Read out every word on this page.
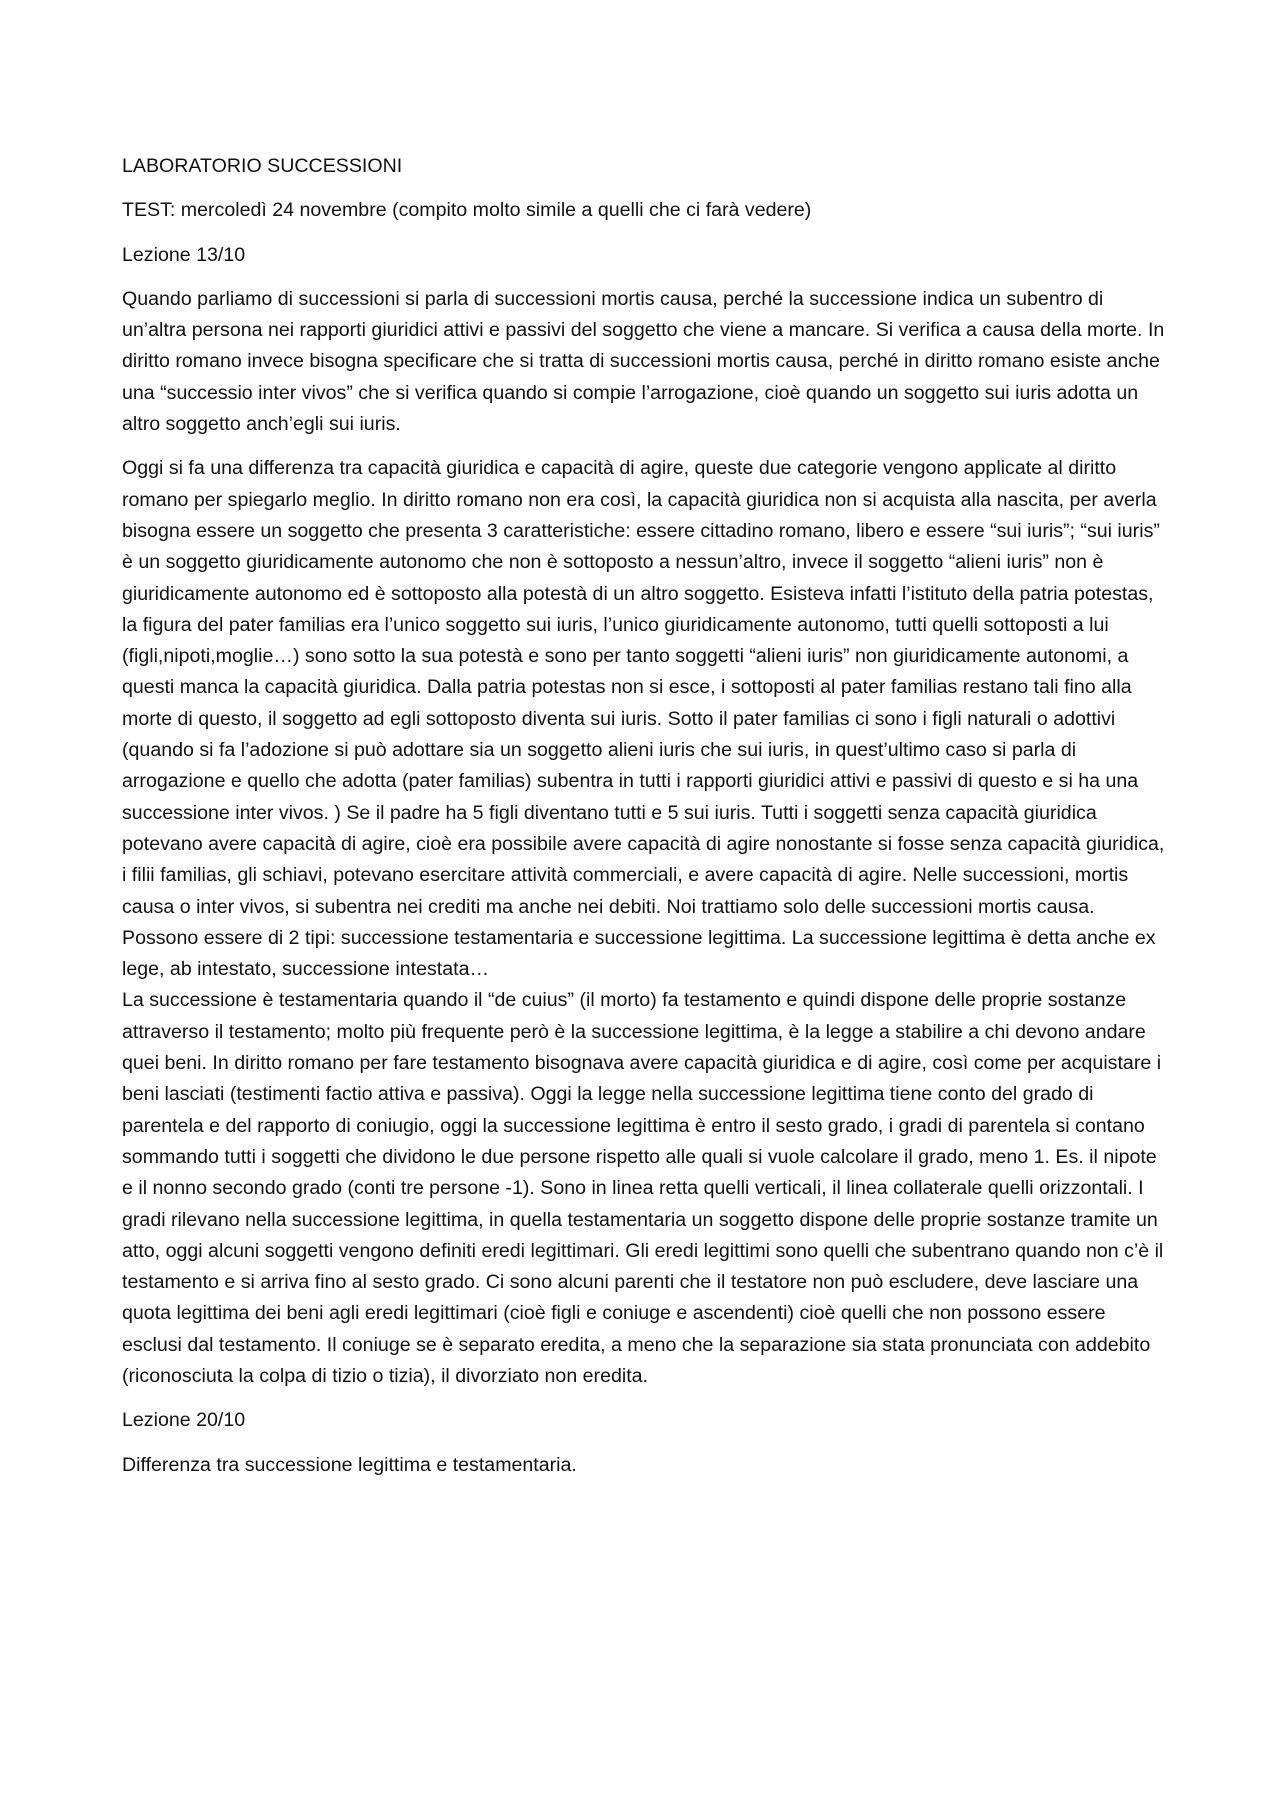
LABORATORIO SUCCESSIONI

TEST: mercoledì 24 novembre (compito molto simile a quelli che ci farà vedere)

Lezione 13/10

Quando parliamo di successioni si parla di successioni mortis causa, perché la successione indica un subentro di un’altra persona nei rapporti giuridici attivi e passivi del soggetto che viene a mancare. Si verifica a causa della morte. In diritto romano invece bisogna specificare che si tratta di successioni mortis causa, perché in diritto romano esiste anche una “successio inter vivos” che si verifica quando si compie l’arrogazione, cioè quando un soggetto sui iuris adotta un altro soggetto anch’egli sui iuris.

Oggi si fa una differenza tra capacità giuridica e capacità di agire, queste due categorie vengono applicate al diritto romano per spiegarlo meglio. In diritto romano non era così, la capacità giuridica non si acquista alla nascita, per averla bisogna essere un soggetto che presenta 3 caratteristiche: essere cittadino romano, libero e essere “sui iuris”; “sui iuris” è un soggetto giuridicamente autonomo che non è sottoposto a nessun’altro, invece il soggetto “alieni iuris” non è giuridicamente autonomo ed è sottoposto alla potestà di un altro soggetto. Esisteva infatti l’istituto della patria potestas, la figura del pater familias era l’unico soggetto sui iuris, l’unico giuridicamente autonomo, tutti quelli sottoposti a lui (figli,nipoti,moglie…) sono sotto la sua potestà e sono per tanto soggetti “alieni iuris” non giuridicamente autonomi, a questi manca la capacità giuridica. Dalla patria potestas non si esce, i sottoposti al pater familias restano tali fino alla morte di questo, il soggetto ad egli sottoposto diventa sui iuris. Sotto il pater familias ci sono i figli naturali o adottivi (quando si fa l’adozione si può adottare sia un soggetto alieni iuris che sui iuris, in quest’ultimo caso si parla di arrogazione e quello che adotta (pater familias) subentra in tutti i rapporti giuridici attivi e passivi di questo e si ha una successione inter vivos. ) Se il padre ha 5 figli diventano tutti e 5 sui iuris. Tutti i soggetti senza capacità giuridica potevano avere capacità di agire, cioè era possibile avere capacità di agire nonostante si fosse senza capacità giuridica, i filii familias, gli schiavi, potevano esercitare attività commerciali, e avere capacità di agire. Nelle successioni, mortis causa o inter vivos, si subentra nei crediti ma anche nei debiti. Noi trattiamo solo delle successioni mortis causa. Possono essere di 2 tipi: successione testamentaria e successione legittima. La successione legittima è detta anche ex lege, ab intestato, successione intestata…

La successione è testamentaria quando il “de cuius” (il morto) fa testamento e quindi dispone delle proprie sostanze attraverso il testamento; molto più frequente però è la successione legittima, è la legge a stabilire a chi devono andare quei beni. In diritto romano per fare testamento bisognava avere capacità giuridica e di agire, così come per acquistare i beni lasciati (testimenti factio attiva e passiva). Oggi la legge nella successione legittima tiene conto del grado di parentela e del rapporto di coniugio, oggi la successione legittima è entro il sesto grado, i gradi di parentela si contano sommando tutti i soggetti che dividono le due persone rispetto alle quali si vuole calcolare il grado, meno 1. Es. il nipote e il nonno secondo grado (conti tre persone -1). Sono in linea retta quelli verticali, il linea collaterale quelli orizzontali. I gradi rilevano nella successione legittima, in quella testamentaria un soggetto dispone delle proprie sostanze tramite un atto, oggi alcuni soggetti vengono definiti eredi legittimari. Gli eredi legittimi sono quelli che subentrano quando non c’è il testamento e si arriva fino al sesto grado. Ci sono alcuni parenti che il testatore non può escludere, deve lasciare una quota legittima dei beni agli eredi legittimari (cioè figli e coniuge e ascendenti) cioè quelli che non possono essere esclusi dal testamento. Il coniuge se è separato eredita, a meno che la separazione sia stata pronunciata con addebito (riconosciuta la colpa di tizio o tizia), il divorziato non eredita.

Lezione 20/10

Differenza tra successione legittima e testamentaria.
